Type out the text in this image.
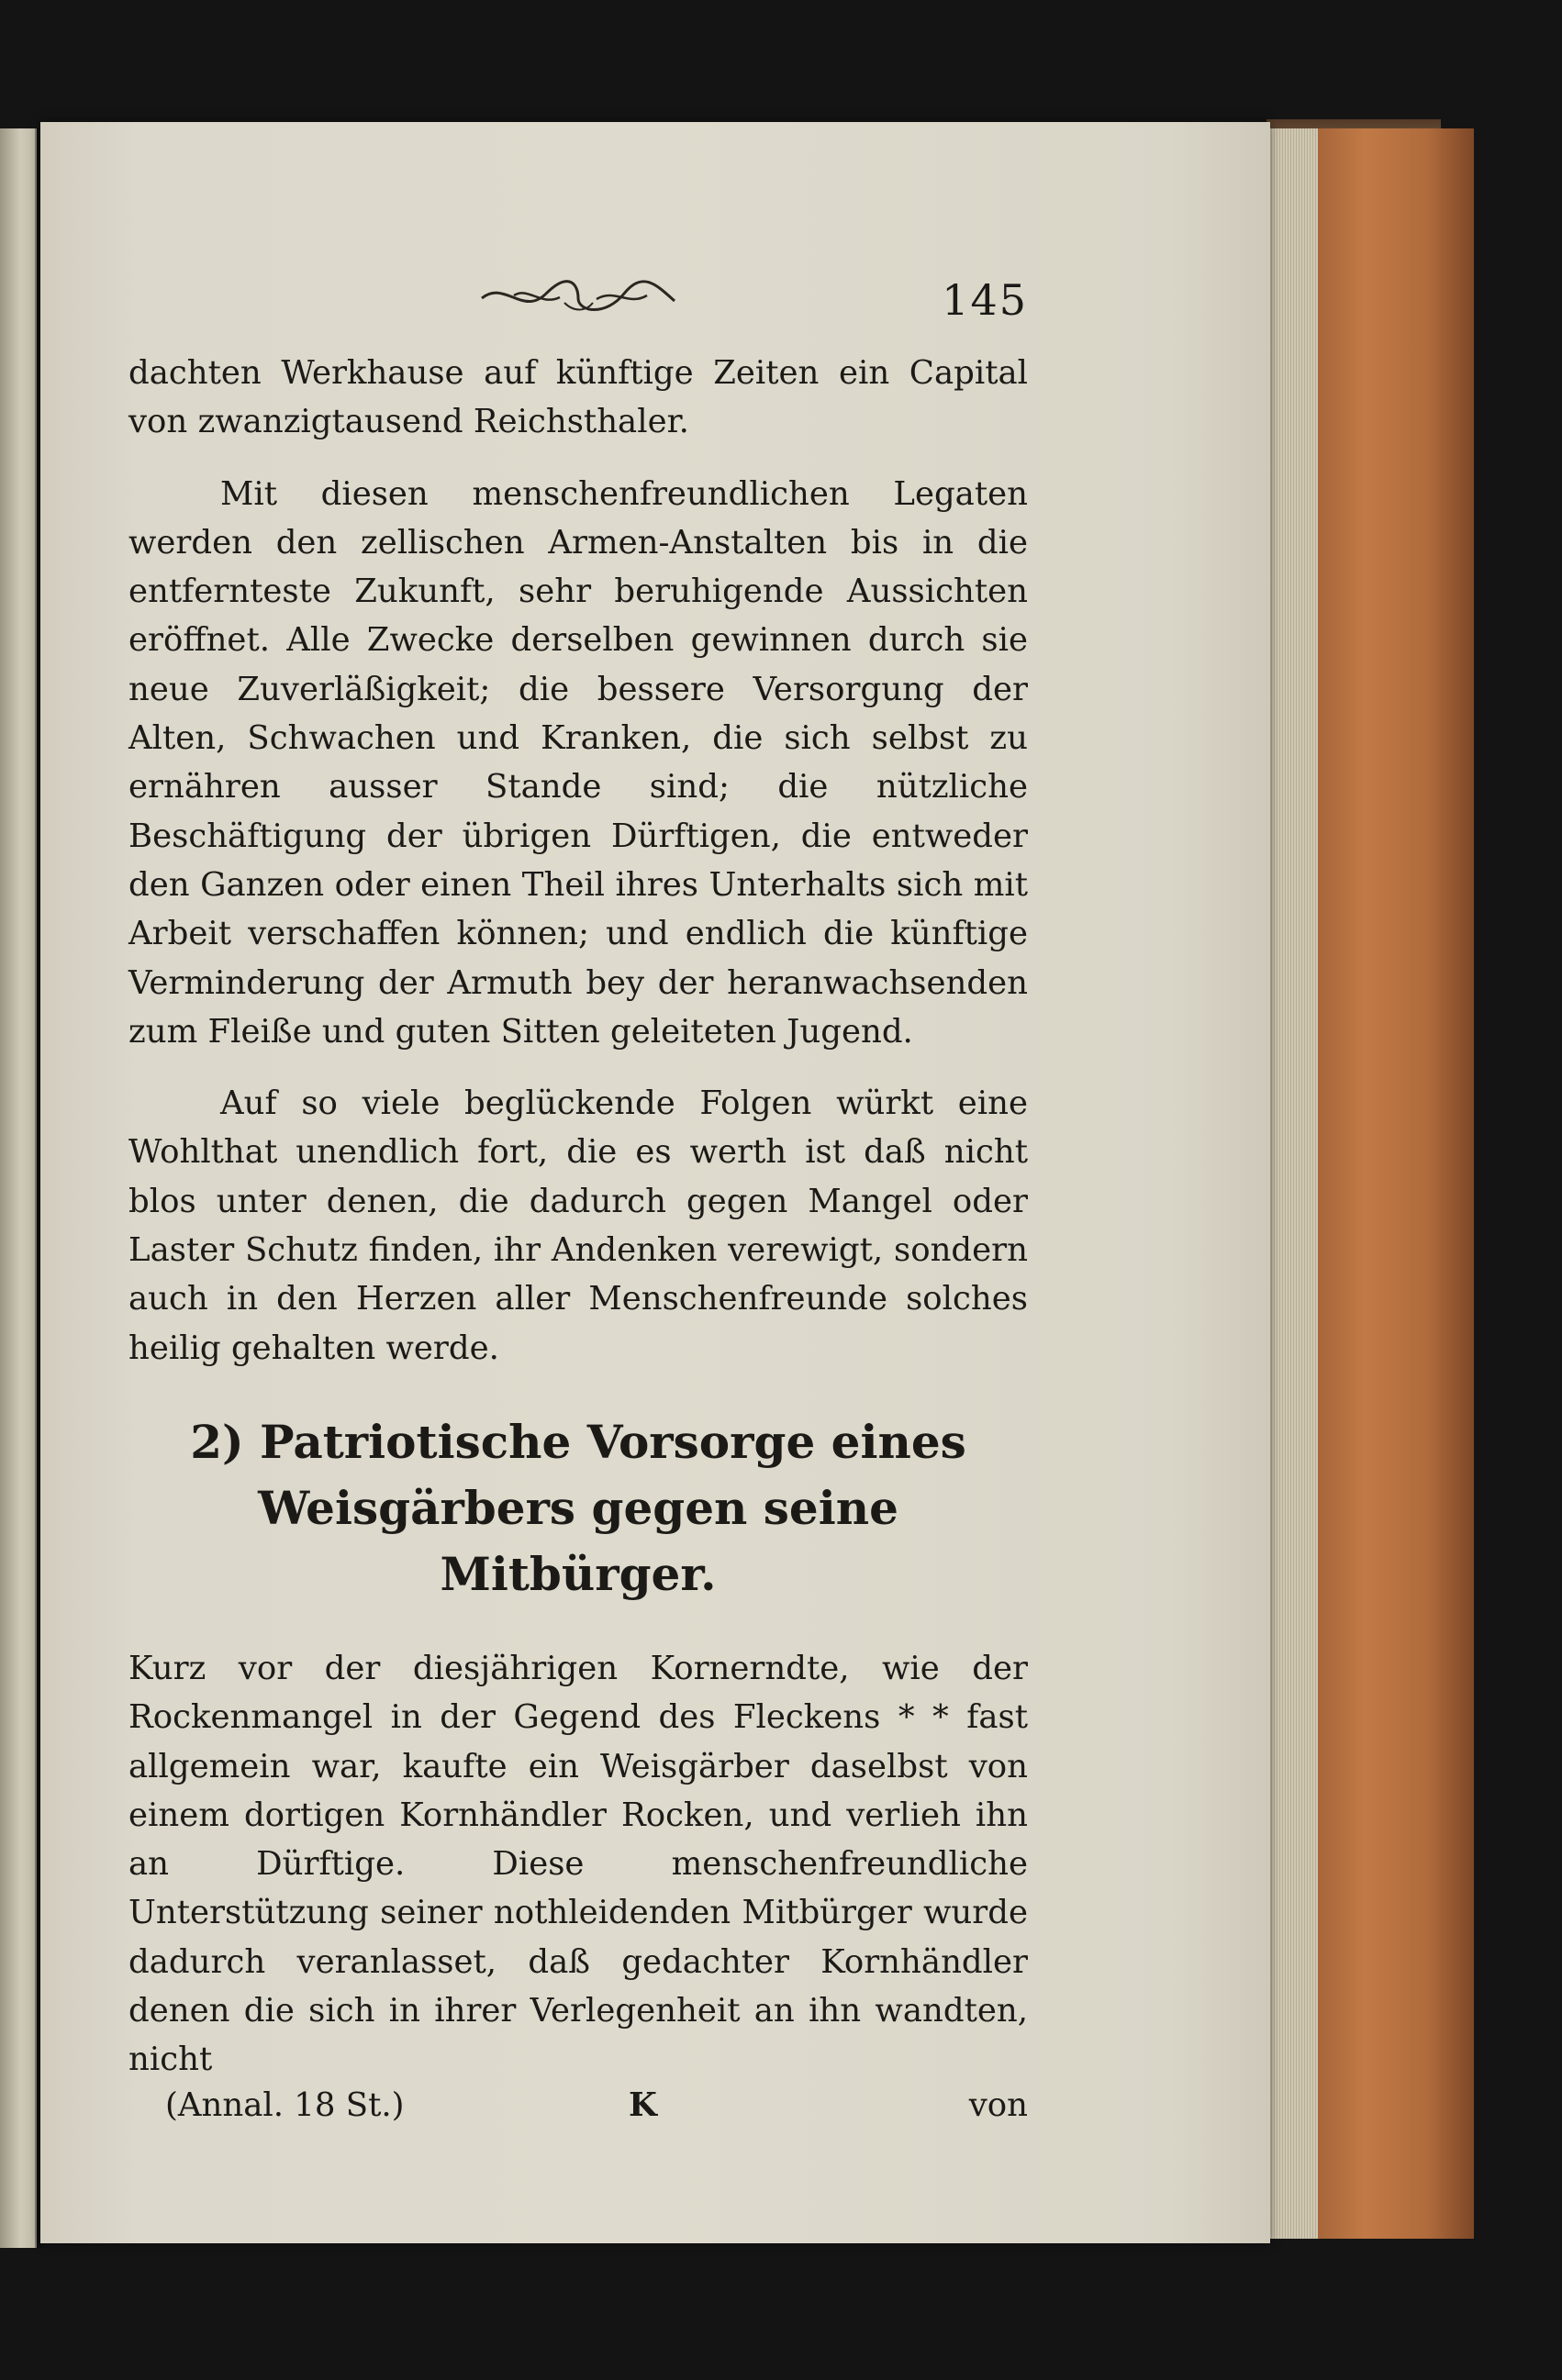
145

dachten Werkhause auf künftige Zeiten ein Capital von zwanzigtausend Reichsthaler.

Mit diesen menschenfreundlichen Legaten werden den zellischen Armen-Anstalten bis in die entfernteste Zukunft, sehr beruhigende Aussichten eröffnet. Alle Zwecke derselben gewinnen durch sie neue Zuverläßigkeit; die bessere Versorgung der Alten, Schwachen und Kranken, die sich selbst zu ernähren ausser Stande sind; die nützliche Beschäftigung der übrigen Dürftigen, die entweder den Ganzen oder einen Theil ihres Unterhalts sich mit Arbeit verschaffen können; und endlich die künftige Verminderung der Armuth bey der heranwachsenden zum Fleiße und guten Sitten geleiteten Jugend.

Auf so viele beglückende Folgen würkt eine Wohlthat unendlich fort, die es werth ist daß nicht blos unter denen, die dadurch gegen Mangel oder Laster Schutz finden, ihr Andenken verewigt, sondern auch in den Herzen aller Menschenfreunde solches heilig gehalten werde.

2) Patriotische Vorsorge eines Weisgärbers gegen seine Mitbürger.

Kurz vor der diesjährigen Kornerndte, wie der Rockenmangel in der Gegend des Fleckens * * fast allgemein war, kaufte ein Weisgärber daselbst von einem dortigen Kornhändler Rocken, und verlieh ihn an Dürftige. Diese menschenfreundliche Unterstützung seiner nothleidenden Mitbürger wurde dadurch veranlasset, daß gedachter Kornhändler denen die sich in ihrer Verlegenheit an ihn wandten, nicht

(Annal. 18 St.)	K	von
